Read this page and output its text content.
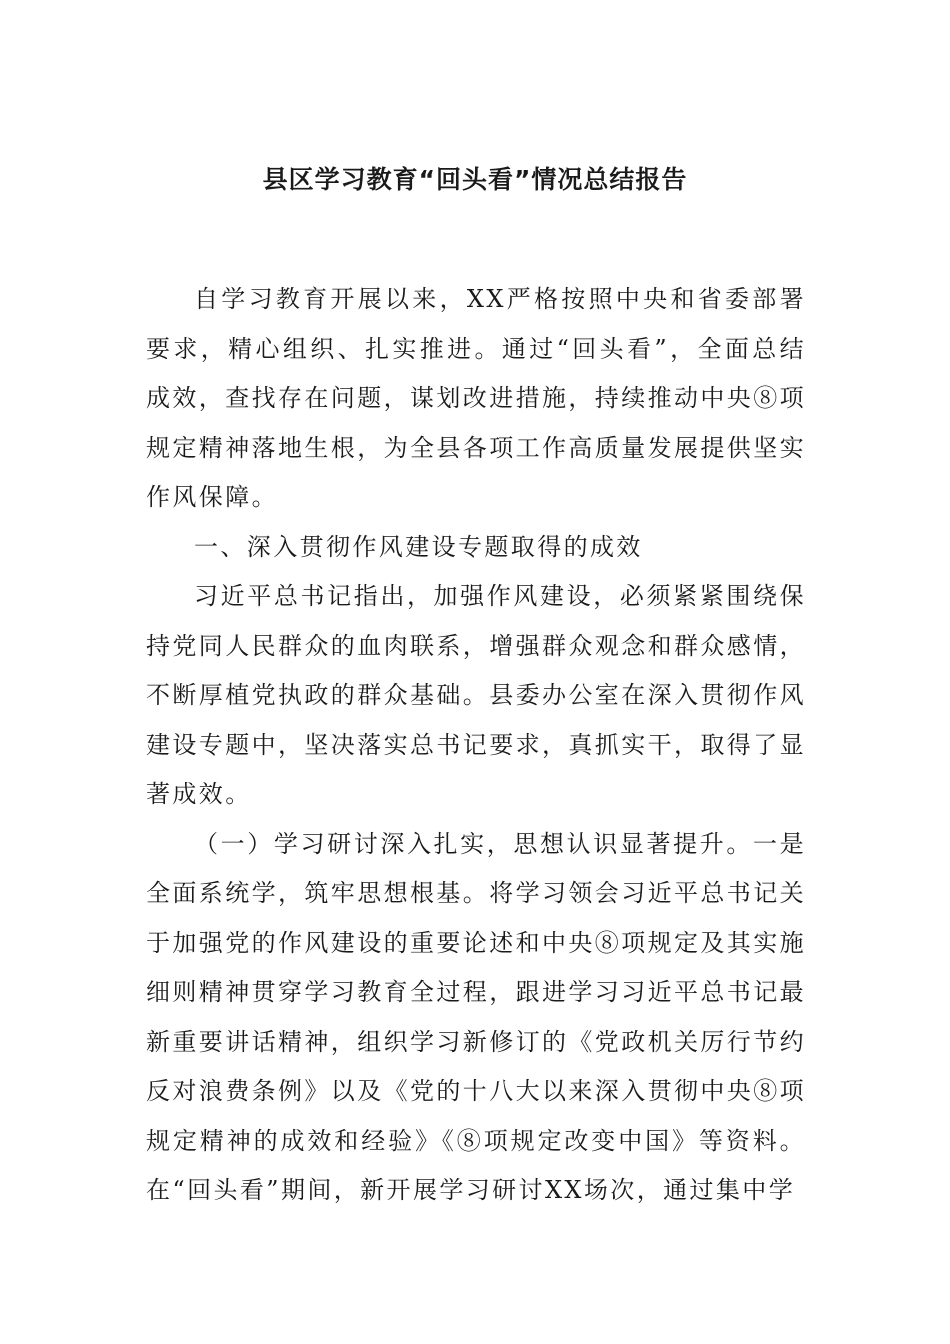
县区学习教育“回头看”情况总结报告

自学习教育开展以来，XX严格按照中央和省委部署要求，精心组织、扎实推进。通过“回头看”，全面总结成效，查找存在问题，谋划改进措施，持续推动中央⑧项规定精神落地生根，为全县各项工作高质量发展提供坚实作风保障。

一、深入贯彻作风建设专题取得的成效

习近平总书记指出，加强作风建设，必须紧紧围绕保持党同人民群众的血肉联系，增强群众观念和群众感情，不断厚植党执政的群众基础。县委办公室在深入贯彻作风建设专题中，坚决落实总书记要求，真抓实干，取得了显著成效。

（一）学习研讨深入扎实，思想认识显著提升。一是全面系统学，筑牢思想根基。将学习领会习近平总书记关于加强党的作风建设的重要论述和中央⑧项规定及其实施细则精神贯穿学习教育全过程，跟进学习习近平总书记最新重要讲话精神，组织学习新修订的《党政机关厉行节约反对浪费条例》以及《党的十八大以来深入贯彻中央⑧项规定精神的成效和经验》《⑧项规定改变中国》等资料。在“回头看”期间，新开展学习研讨XX场次，通过集中学
